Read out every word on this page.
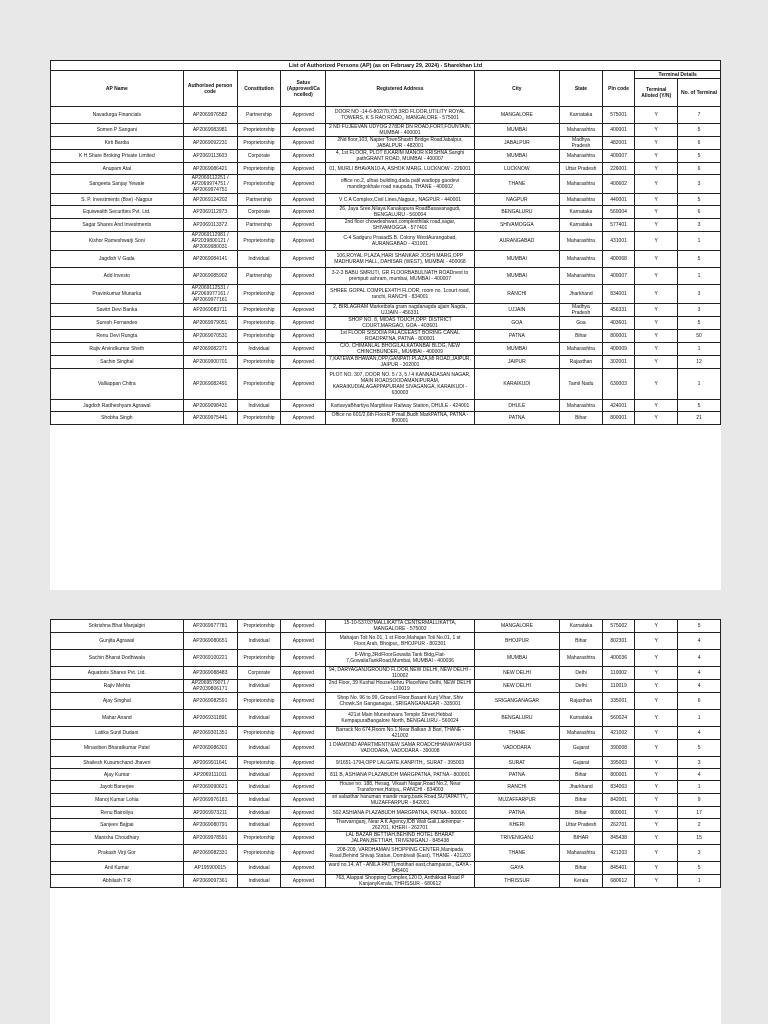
List of Authorized Persons (AP) (as on February 29, 2024) - Sharekhan Ltd									
AP Name	Authorised person code	Constitution	Satus (Approved/Ca ncelled)	Registered Address	City	State	Pin code	Terminal Details	
								Terminal Alloted (Y/N)	No. of Terminal
Navadurga Financials	AP2069976582	Partnership	Approved	DOOR NO -14-6-802/70,7/3 3RD FLOOR,UTILITY ROYAL TOWERS, K S RAO ROAD,, MANGALORE - 575001	MANGALORE	Karnataka	575001	Y	7
Somen P Sangani	AP2069083981	Proprietorship	Approved	2 ND FUJEEVAN UDYOG 278DR DN ROAD,FORT,FOUNTAIN, MUMBAI - 400001	MUMBAI	Maharashtra	400001	Y	5
Kirti Bardia	AP2069092231	Proprietorship	Approved	2Nd floor,103, Napier TownShastri Bridge RoadJabalpur, JABALPUR - 482001	JABALPUR	Madhya Pradesh	482001	Y	6
K H Share Broking Private Limited	AP2069113603	Corporate	Approved	4, 1st FLOOR, PLOT 8,KARIM MANOR KRISHNA Sanghi pathGRANT ROAD, MUMBAI - 400007	MUMBAI	Maharashtra	400007	Y	5
Anupam Atal	AP2069086421	Proprietorship	Approved	01, MURLI BHAVAN10-A, ASHOK MARG, LUCKNOW - 226001	LUCKNOW	Uttar Pradesh	226001	Y	6
Sangeeta Sanjay Yewale	AP2069112251 / AP2069974751 / AP2069974751	Proprietorship	Approved	office no.2, ulhas building,dada patil wadiopp gaodevi mandirgokhale road naupada, THANE - 400602	THANE	Maharashtra	400602	Y	3
S. P. Investments (Bse) -Nagpur	AP2069124202	Partnership	Approved	V C A Complex,Civil Lines,Nagpur,, NAGPUR - 440001	NAGPUR	Maharashtra	440001	Y	5
Equiwealth Securities Pvt. Ltd.	AP2069112973	Corporate	Approved	26, Jaya Sree,Nilaya Kanakapura RoadBasavanagudi, BENGALURU - 560004	BENGALURU	Karnataka	560004	Y	6
Sagar Shares And Investments	AP2069113372	Partnership	Approved	2nd floor chowdeshwari,complexthilak road,sagar, SHIVAMOGGA - 577401	SHIVAMOGGA	Karnataka	577401	Y	3
Kishor Rameshwarji Soni	AP2069112981 / AP2039800121 / AP2069980031	Proprietorship	Approved	C-4 Sadguru PrasadS.B. Colony WestAurangabad, AURANGABAD - 431001	AURANGABAD	Maharashtra	431001	Y	1
Jagdish V Gada	AP2069084141	Individual	Approved	106,ROYAL PLAZA,HARI SHANKAR JOSHI MARG,OPP MADHURAM HALL, DAHISAR (WEST), MUMBAI - 400068	MUMBAI	Maharashtra	400068	Y	5
Add Investo	AP2069085902	Partnership	Approved	3-2-3 BABU SMRUTI, GR FLOORBABULNATH ROADnext to premputi ashram, mumbai, MUMBAI - 400007	MUMBAI	Maharashtra	400007	Y	1
Pravinkumar Munarka	AP2069112531 / AP2069977161 / AP2069977161	Proprietorship	Approved	SHREE GOPAL COMPLEX4TH FLOOR, room no. 1court road, ranchi, RANCHI - 834001	RANCHI	Jharkhand	834001	Y	3
Savitri Devi Banka	AP2069083711	Proprietorship	Approved	2, BIRLAGRAM Marketbirla gram nagdanagda ujjain Nagda, UJJAIN - 456331	UJJAIN	Madhya Pradesh	456331	Y	3
Suresh Fernandes	AP2069979051	Proprietorship	Approved	SHOP NO. 8, MIDAS TOUCH,OPP. DISTRICT COURT,MARGAO, GOA - 403601	GOA	Goa	403601	Y	5
Renu Devi Rungta	AP2069070531	Proprietorship	Approved	1st FLOOR SISODIA PALACEEAST BORING CANAL ROADPATNA, PATNA - 800001	PATNA	Bihar	800001	Y	50
Rajiv Arvindkumar Sheth	AP2069082271	Individual	Approved	C/O. CHIMANLAL BHOGILALKATANBAI BLDG, NEW CHINCHBUNDER,, MUMBAI - 400009	MUMBAI	Maharashtra	400009	Y	1
Sachin Singhal	AP2069900701	Proprietorship	Approved	7,KATEWA BHAWAN,OPP,GANPATI PLAZA,MI ROAD,JAIPUR, JAIPUR - 302001	JAIPUR	Rajasthan	302001	Y	12
Valliappan Chitra	AP2069082491	Proprietorship	Approved	PLOT NO. 307, DOOR NO. 5 / 3, 5 / 4 KANNADASAN NAGAR, MAIN ROADSOODAMANIPURAM, KARAIKUDIALAGAPPAPURAM SIVAGANGA, KARAIKUDI - 630003	KARAIKUDI	Tamil Nadu	630003	Y	1
Jagdish Radheshyam Agrawal	AP2069098431	Individual	Approved	KartavyaBhartiya Marghlear Railway Station, DHULE - 424001	DHULE	Maharashtra	424001	Y	5
Shobha Singh	AP2069975441	Proprietorship	Approved	Office no 601/2,6th FloorR.P mall,Budh MarkPATNA, PATNA - 800001	PATNA	Bihar	800001	Y	21
Srikrishna Bhat Manjalgiri	AP2069977781	Proprietorship	Approved	15-10-537/37MALLIKATTA CENTERMALLIKATTA, MANGALORE - 575002	MANGALORE	Karnataka	575002	Y	5
Gunjita Agrawal	AP2069080651	Individual	Approved	Mahajan Toli No.01, 1 st Floor,Mahajan Toli No.01, 1 st Floor,Arah, Bhojpur,, BHOJPUR - 802301	BHOJPUR	Bihar	802301	Y	4
Sachin Bharat Dodhiwala	AP2069100221	Proprietorship	Approved	8-Wing,3RdFloorGowalia Tank Bldg,Flat-7,GowaliaTankRoad,Mumbai, MUMBAI - 400036	MUMBAI	Maharashtra	400036	Y	4
Aquatoris Shares Pvt. Ltd.	AP2069088483	Corporate	Approved	94, DARYAGANJGROUND FLOOR,NEW DELHI, NEW DELHI - 110002	NEW DELHI	Delhi	110002	Y	4
Rajiv Mehta	AP2069579071 / AP2039806171	Individual	Approved	2nd Floor, 39 Kushal HouseNehru PlaceNew Delhi, NEW DELHI - 110019	NEW DELHI	Delhi	110019	Y	4
Ajay Singhal	AP2069082591	Proprietorship	Approved	Shop No. 96 to 99, Ground Floor,Basant Kunj Vihar, Shiv Chowk,Sri Ganganagar,, SRIGANGANAGAR - 335001	SRIGANGANAGAR	Rajasthan	335001	Y	6
Mahar Anand	AP2069311891	Individual	Approved	421st Main Muneshwara Temple Street,Hebbal KempapuraBangalore North, BENGALURU - 560024	BENGALURU	Karnataka	560024	Y	1
Latika Sunil Dudani	AP2069301351	Proprietorship	Approved	Barrack No 674,Room No.1,Near Balkan Ji Bari, THANE - 421002	THANE	Maharashtra	421002	Y	4
Minaxiben Bharatkumar Patel	AP2069086301	Individual	Approved	1 DIAMOND APARTMENTNEW SAMA ROADCHHANIAYAPURI VADODARA, VADODARA - 390008	VADODARA	Gujarat	390008	Y	5
Shailesh Kusumchand Jhaveri	AP2069911641	Proprietorship	Approved	9/1651-1794,OPP LALGATE,KANPITH,, SURAT - 395003	SURAT	Gujarat	395003	Y	3
Ajay Kumar	AP2069111011	Individual	Approved	811 B, ASHIANA PLAZABUDH MARGPATNA, PATNA - 800001	PATNA	Bihar	800001	Y	4
Jayoti Banerjee	AP2069090621	Individual	Approved	House no. 188, Hesag, Vikash Nagar,Road No.2, Near Transformer,Hatiya,, RANCHI - 834003	RANCHI	Jharkhand	834003	Y	1
Manoj Kumar Lohia	AP2069976181	Individual	Approved	sri salasthar hanuman mandir marg,bank Road,SUTAPATTY,, MUZAFFARPUR - 842001	MUZAFFARPUR	Bihar	842001	Y	9
Renu Bairoliya	AP2069973211	Individual	Approved	502 ASHIANA PLAZABUDH MARGPATNA, PATNA - 800001	PATNA	Bihar	800001	Y	17
Sanjeev Bajpai	AP2069080791	Individual	Approved	Tharvarnganj, Near A K Agency,IDB Wali Gali,Lakhimpur - 262701, KHERI - 262701	KHERI	Uttar Pradesh	262701	Y	2
Manisha Choudhary	AP2069978591	Proprietorship	Approved	LAL BAZAR BETTIAH,BEHIND HOTEL BHARAT JALPAN,BETTIAH, TRIVENIGANJ - 845438	TRIVENIGANJ	BIHAR	845438	Y	15
Prakash Virji Gor	AP2069082331	Proprietorship	Approved	208-209, VARDHAMAN SHOPPING CENTER,Manipada Road,Behind Shivaji Statue, Dombivali (East), THANE - 421203	THANE	Maharashtra	421203	Y	3
Anil Kumar	AP195900015	Individual	Approved	ward no.14, AT - ANILA PATTI,motihari east,champaran,, GAYA - 845401	GAYA	Bihar	845401	Y	5
Abhilash T R	AP2069097361	Individual	Approved	763, Alappat Shopping Complex,120 D, Anthikkad Road P KanjanyKerala, THRISSUR - 680612	THRISSUR	Kerala	680612	Y	1
